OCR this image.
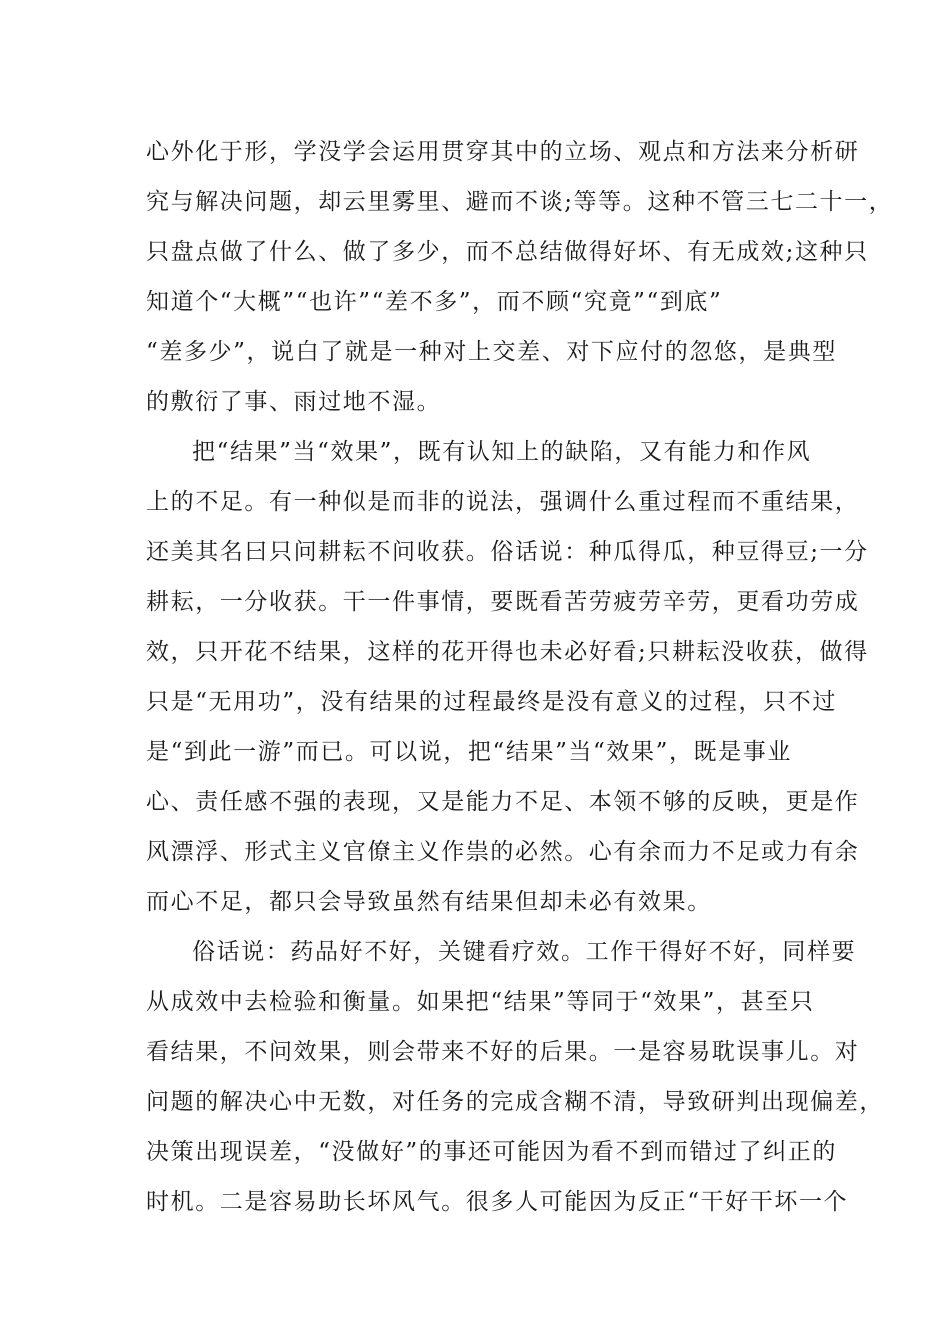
心外化于形，学没学会运用贯穿其中的立场、观点和方法来分析研
究与解决问题，却云里雾里、避而不谈;等等。这种不管三七二十一，
只盘点做了什么、做了多少，而不总结做得好坏、有无成效;这种只
知道个“大概”“也许”“差不多”，而不顾“究竟”“到底”
“差多少”，说白了就是一种对上交差、对下应付的忽悠，是典型
的敷衍了事、雨过地不湿。
把“结果”当“效果”，既有认知上的缺陷，又有能力和作风
上的不足。有一种似是而非的说法，强调什么重过程而不重结果，
还美其名曰只问耕耘不问收获。俗话说：种瓜得瓜，种豆得豆;一分
耕耘，一分收获。干一件事情，要既看苦劳疲劳辛劳，更看功劳成
效，只开花不结果，这样的花开得也未必好看;只耕耘没收获，做得
只是“无用功”，没有结果的过程最终是没有意义的过程，只不过
是“到此一游”而已。可以说，把“结果”当“效果”，既是事业
心、责任感不强的表现，又是能力不足、本领不够的反映，更是作
风漂浮、形式主义官僚主义作祟的必然。心有余而力不足或力有余
而心不足，都只会导致虽然有结果但却未必有效果。
俗话说：药品好不好，关键看疗效。工作干得好不好，同样要
从成效中去检验和衡量。如果把“结果”等同于“效果”，甚至只
看结果，不问效果，则会带来不好的后果。一是容易耽误事儿。对
问题的解决心中无数，对任务的完成含糊不清，导致研判出现偏差，
决策出现误差，“没做好”的事还可能因为看不到而错过了纠正的
时机。二是容易助长坏风气。很多人可能因为反正“干好干坏一个
